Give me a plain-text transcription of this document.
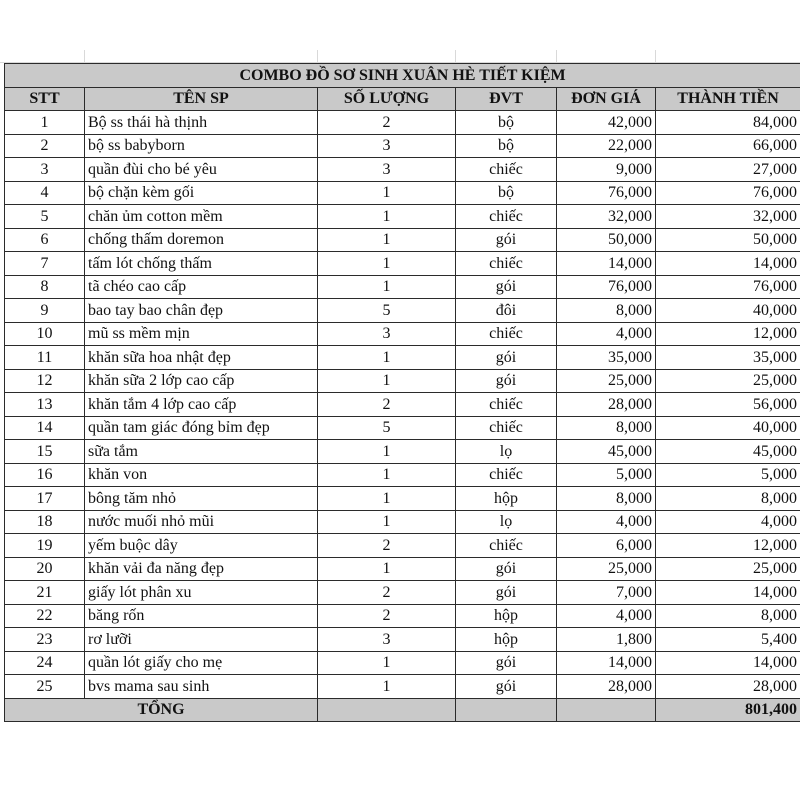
COMBO ĐỒ SƠ SINH XUÂN HÈ TIẾT KIỆM					
STT	TÊN SP	SỐ LƯỢNG	ĐVT	ĐƠN GIÁ	THÀNH TIỀN
1	Bộ ss thái hà thịnh	2	bộ	42,000	84,000
2	bộ ss babyborn	3	bộ	22,000	66,000
3	quần đùi cho bé yêu	3	chiếc	9,000	27,000
4	bộ chặn kèm gối	1	bộ	76,000	76,000
5	chăn ủm cotton mềm	1	chiếc	32,000	32,000
6	chống thấm doremon	1	gói	50,000	50,000
7	tấm lót chống thấm	1	chiếc	14,000	14,000
8	tã chéo cao cấp	1	gói	76,000	76,000
9	bao tay bao chân đẹp	5	đôi	8,000	40,000
10	mũ ss mềm mịn	3	chiếc	4,000	12,000
11	khăn sữa hoa nhật đẹp	1	gói	35,000	35,000
12	khăn sữa 2 lớp cao cấp	1	gói	25,000	25,000
13	khăn tắm 4 lớp cao cấp	2	chiếc	28,000	56,000
14	quần tam giác đóng bỉm đẹp	5	chiếc	8,000	40,000
15	sữa tắm	1	lọ	45,000	45,000
16	khăn von	1	chiếc	5,000	5,000
17	bông tăm nhỏ	1	hộp	8,000	8,000
18	nước muối nhỏ mũi	1	lọ	4,000	4,000
19	yếm buộc dây	2	chiếc	6,000	12,000
20	khăn vải đa năng đẹp	1	gói	25,000	25,000
21	giấy lót phân xu	2	gói	7,000	14,000
22	băng rốn	2	hộp	4,000	8,000
23	rơ lưỡi	3	hộp	1,800	5,400
24	quần lót giấy cho mẹ	1	gói	14,000	14,000
25	bvs mama sau sinh	1	gói	28,000	28,000
TỔNG					801,400
